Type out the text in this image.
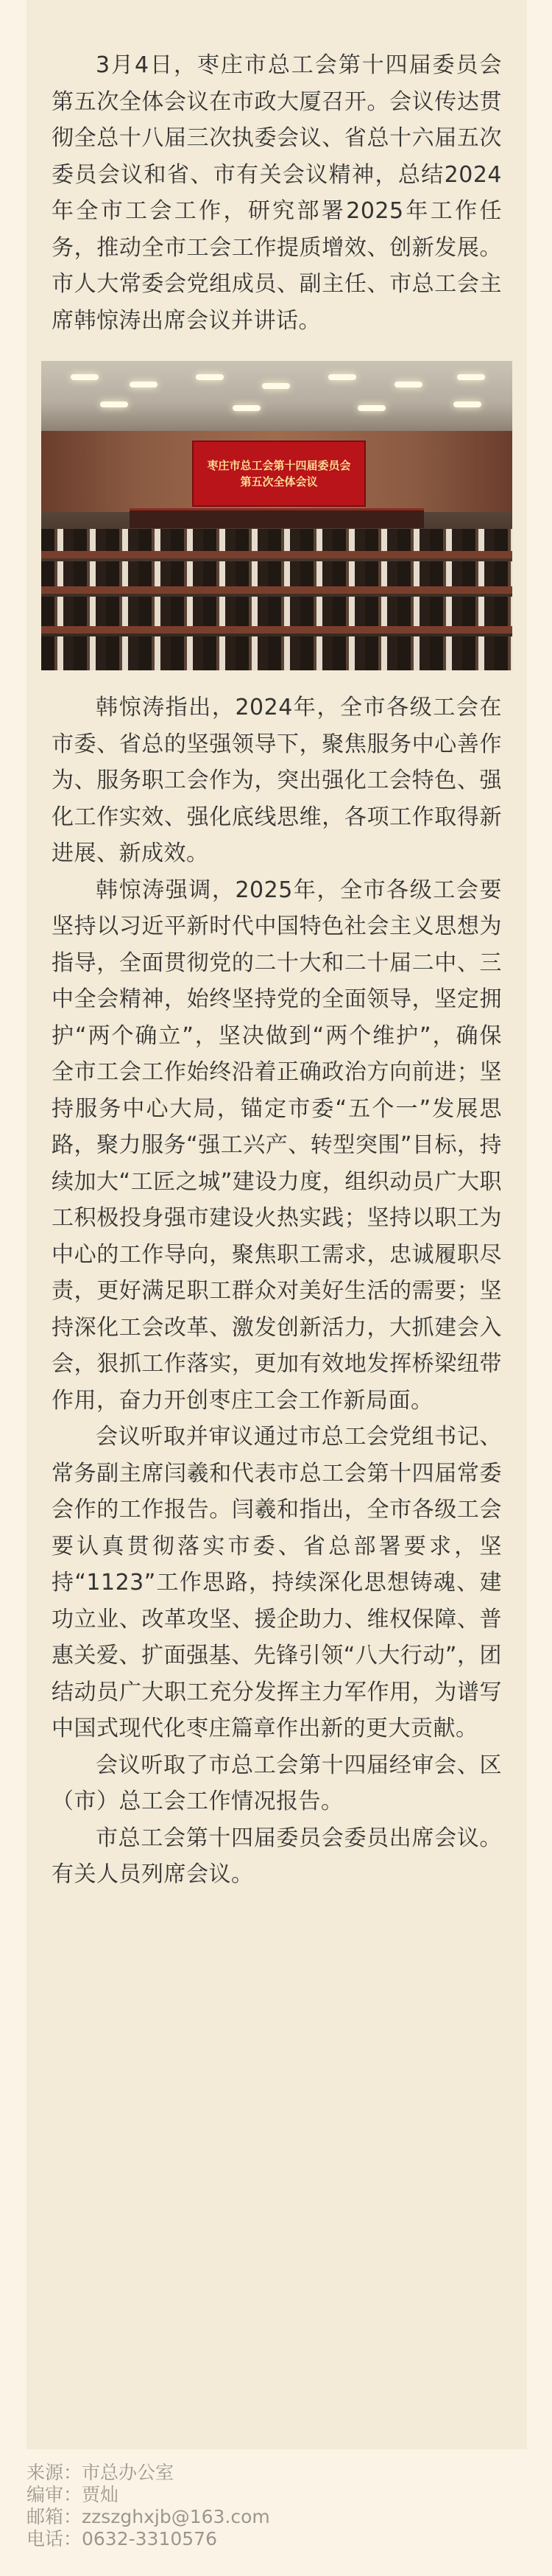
3月4日，枣庄市总工会第十四届委员会第五次全体会议在市政大厦召开。会议传达贯彻全总十八届三次执委会议、省总十六届五次委员会议和省、市有关会议精神，总结2024年全市工会工作，研究部署2025年工作任务，推动全市工会工作提质增效、创新发展。市人大常委会党组成员、副主任、市总工会主席韩惊涛出席会议并讲话。

枣庄市总工会第十四届委员会
第五次全体会议

韩惊涛指出，2024年，全市各级工会在市委、省总的坚强领导下，聚焦服务中心善作为、服务职工会作为，突出强化工会特色、强化工作实效、强化底线思维，各项工作取得新进展、新成效。

韩惊涛强调，2025年，全市各级工会要坚持以习近平新时代中国特色社会主义思想为指导，全面贯彻党的二十大和二十届二中、三中全会精神，始终坚持党的全面领导，坚定拥护“两个确立”，坚决做到“两个维护”，确保全市工会工作始终沿着正确政治方向前进；坚持服务中心大局，锚定市委“五个一”发展思路，聚力服务“强工兴产、转型突围”目标，持续加大“工匠之城”建设力度，组织动员广大职工积极投身强市建设火热实践；坚持以职工为中心的工作导向，聚焦职工需求，忠诚履职尽责，更好满足职工群众对美好生活的需要；坚持深化工会改革、激发创新活力，大抓建会入会，狠抓工作落实，更加有效地发挥桥梁纽带作用，奋力开创枣庄工会工作新局面。

会议听取并审议通过市总工会党组书记、常务副主席闫羲和代表市总工会第十四届常委会作的工作报告。闫羲和指出，全市各级工会要认真贯彻落实市委、省总部署要求，坚持“1123”工作思路，持续深化思想铸魂、建功立业、改革攻坚、援企助力、维权保障、普惠关爱、扩面强基、先锋引领“八大行动”，团结动员广大职工充分发挥主力军作用，为谱写中国式现代化枣庄篇章作出新的更大贡献。

会议听取了市总工会第十四届经审会、区（市）总工会工作情况报告。

市总工会第十四届委员会委员出席会议。有关人员列席会议。

来源：市总办公室
编审：贾灿
邮箱：zzszghxjb@163.com
电话：0632-3310576
